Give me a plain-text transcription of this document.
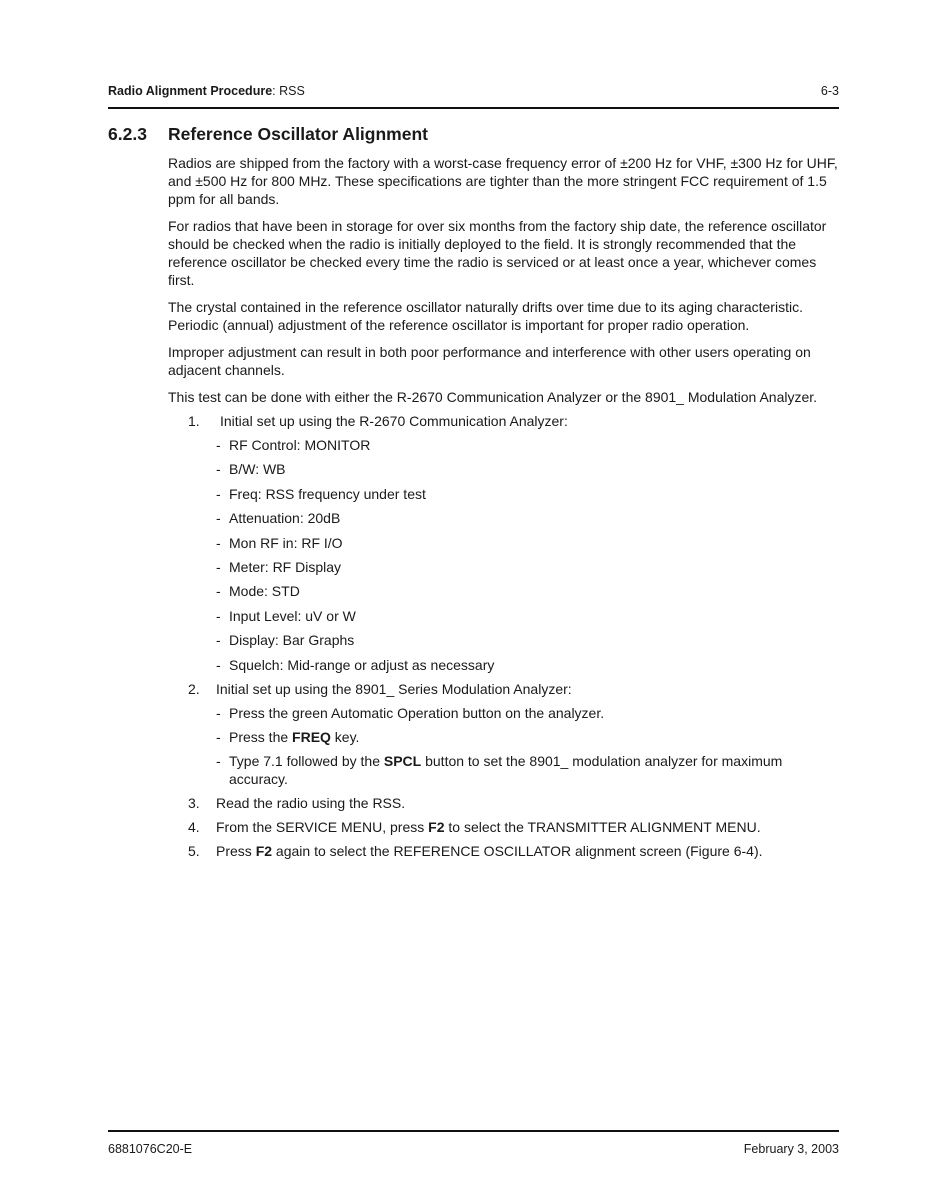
Radio Alignment Procedure: RSS	6-3
6.2.3 Reference Oscillator Alignment

Radios are shipped from the factory with a worst-case frequency error of ±200 Hz for VHF, ±300 Hz for UHF, and ±500 Hz for 800 MHz. These specifications are tighter than the more stringent FCC requirement of 1.5 ppm for all bands.

For radios that have been in storage for over six months from the factory ship date, the reference oscillator should be checked when the radio is initially deployed to the field. It is strongly recommended that the reference oscillator be checked every time the radio is serviced or at least once a year, whichever comes first.

The crystal contained in the reference oscillator naturally drifts over time due to its aging characteristic. Periodic (annual) adjustment of the reference oscillator is important for proper radio operation.

Improper adjustment can result in both poor performance and interference with other users operating on adjacent channels.

This test can be done with either the R-2670 Communication Analyzer or the 8901_ Modulation Analyzer.

1.	Initial set up using the R-2670 Communication Analyzer:
- RF Control: MONITOR
- B/W: WB
- Freq: RSS frequency under test
- Attenuation: 20dB
- Mon RF in: RF I/O
- Meter: RF Display
- Mode: STD
- Input Level: uV or W
- Display: Bar Graphs
- Squelch: Mid-range or adjust as necessary
2.	Initial set up using the 8901_ Series Modulation Analyzer:
- Press the green Automatic Operation button on the analyzer.
- Press the FREQ key.
- Type 7.1 followed by the SPCL button to set the 8901_ modulation analyzer for maximum accuracy.
3.	Read the radio using the RSS.
4.	From the SERVICE MENU, press F2 to select the TRANSMITTER ALIGNMENT MENU.
5.	Press F2 again to select the REFERENCE OSCILLATOR alignment screen (Figure 6-4).
6881076C20-E	February 3, 2003
